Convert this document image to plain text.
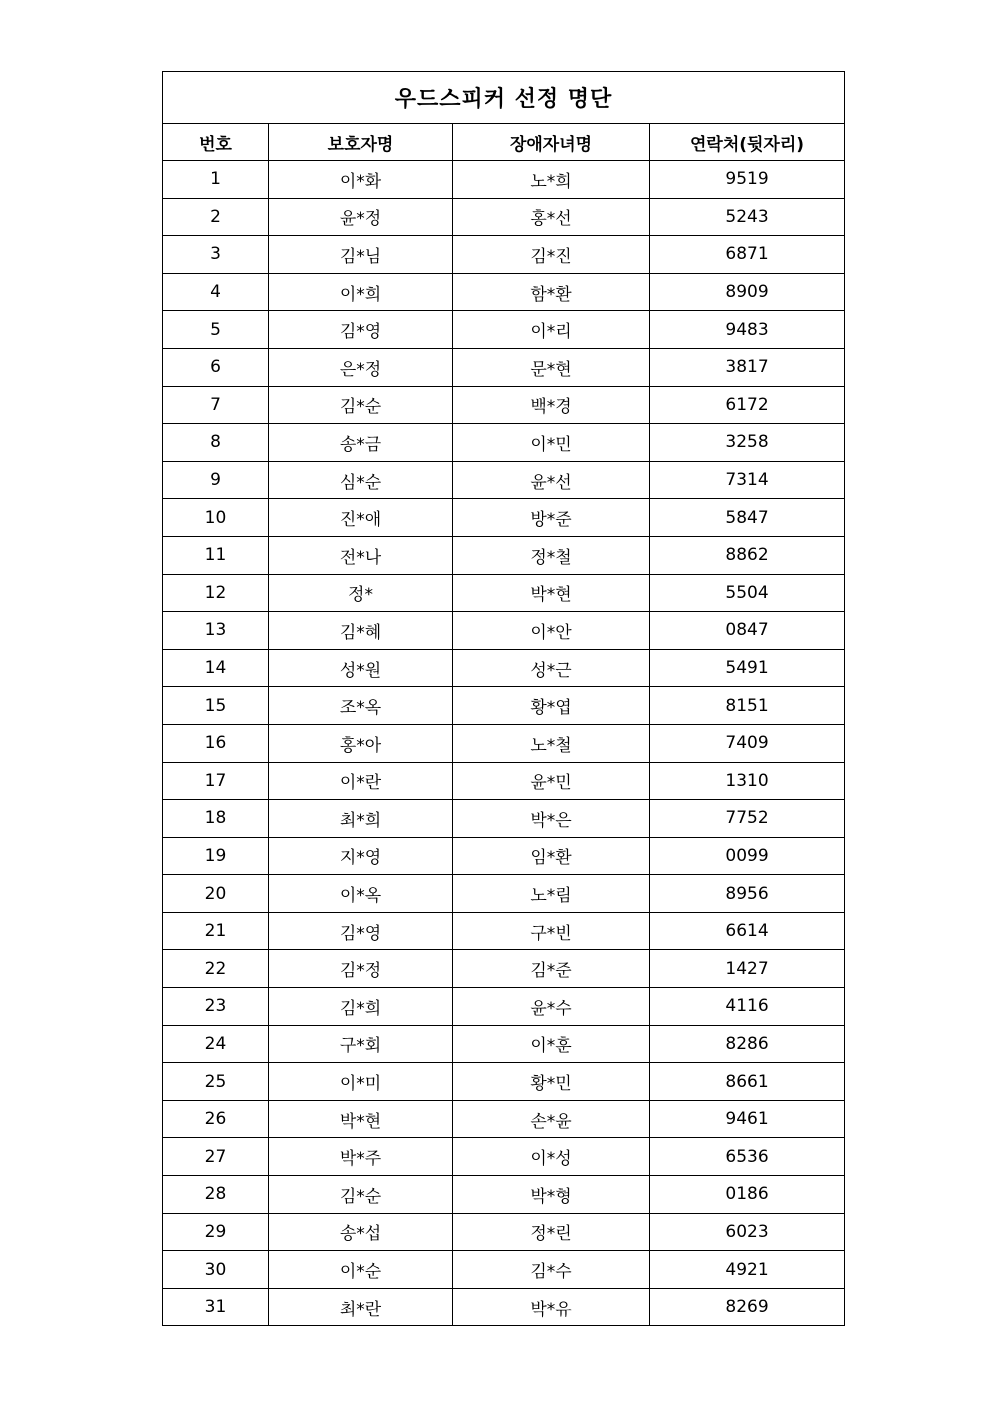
우드스피커 선정 명단			
번호	보호자명	장애자녀명	연락처(뒷자리)
1	이*화	노*희	9519
2	윤*정	홍*선	5243
3	김*님	김*진	6871
4	이*희	함*환	8909
5	김*영	이*리	9483
6	은*정	문*현	3817
7	김*순	백*경	6172
8	송*금	이*민	3258
9	심*순	윤*선	7314
10	진*애	방*준	5847
11	전*나	정*철	8862
12	정*	박*현	5504
13	김*혜	이*안	0847
14	성*원	성*근	5491
15	조*옥	황*엽	8151
16	홍*아	노*철	7409
17	이*란	윤*민	1310
18	최*희	박*은	7752
19	지*영	임*환	0099
20	이*옥	노*림	8956
21	김*영	구*빈	6614
22	김*정	김*준	1427
23	김*희	윤*수	4116
24	구*회	이*훈	8286
25	이*미	황*민	8661
26	박*현	손*윤	9461
27	박*주	이*성	6536
28	김*순	박*형	0186
29	송*섭	정*린	6023
30	이*순	김*수	4921
31	최*란	박*유	8269
